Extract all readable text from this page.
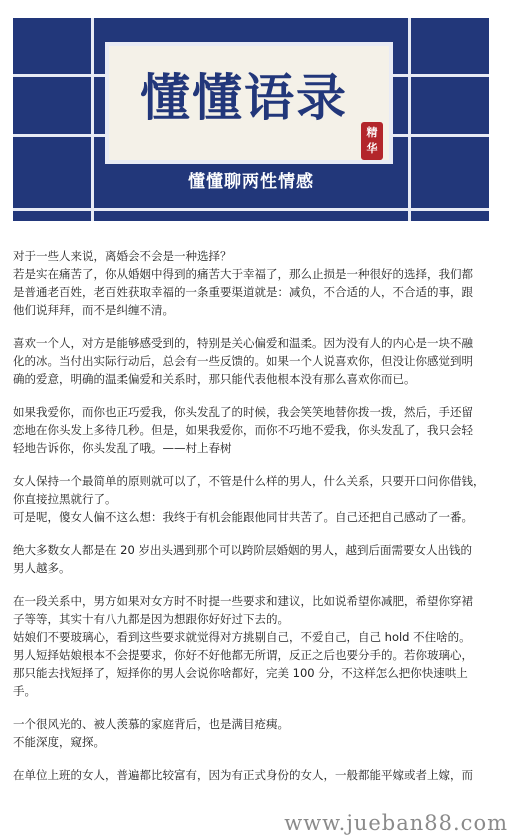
懂懂语录
精
华
懂懂聊两性情感

对于一些人来说，离婚会不会是一种选择？
若是实在痛苦了，你从婚姻中得到的痛苦大于幸福了，那么止损是一种很好的选择，我们都
是普通老百姓，老百姓获取幸福的一条重要渠道就是：减负，不合适的人，不合适的事，跟
他们说拜拜，而不是纠缠不清。

喜欢一个人，对方是能够感受到的，特别是关心偏爱和温柔。因为没有人的内心是一块不融
化的冰。当付出实际行动后，总会有一些反馈的。如果一个人说喜欢你，但没让你感觉到明
确的爱意，明确的温柔偏爱和关系时，那只能代表他根本没有那么喜欢你而已。

如果我爱你，而你也正巧爱我，你头发乱了的时候，我会笑笑地替你拨一拨，然后，手还留
恋地在你头发上多待几秒。但是，如果我爱你，而你不巧地不爱我，你头发乱了，我只会轻
轻地告诉你，你头发乱了哦。——村上春树

女人保持一个最简单的原则就可以了，不管是什么样的男人，什么关系，只要开口问你借钱，
你直接拉黑就行了。
可是呢，傻女人偏不这么想：我终于有机会能跟他同甘共苦了。自己还把自己感动了一番。

绝大多数女人都是在 20 岁出头遇到那个可以跨阶层婚姻的男人，越到后面需要女人出钱的
男人越多。

在一段关系中，男方如果对女方时不时提一些要求和建议，比如说希望你减肥，希望你穿裙
子等等，其实十有八九都是因为想跟你好好过下去的。
姑娘们不要玻璃心，看到这些要求就觉得对方挑剔自己，不爱自己，自己 hold 不住啥的。
男人短择姑娘根本不会提要求，你好不好他都无所谓，反正之后也要分手的。若你玻璃心，
那只能去找短择了，短择你的男人会说你啥都好，完美 100 分，不这样怎么把你快速哄上
手。

一个很风光的、被人羡慕的家庭背后，也是满目疮痍。
不能深度，窥探。

在单位上班的女人，普遍都比较富有，因为有正式身份的女人，一般都能平嫁或者上嫁，而

www.jueban88.com
